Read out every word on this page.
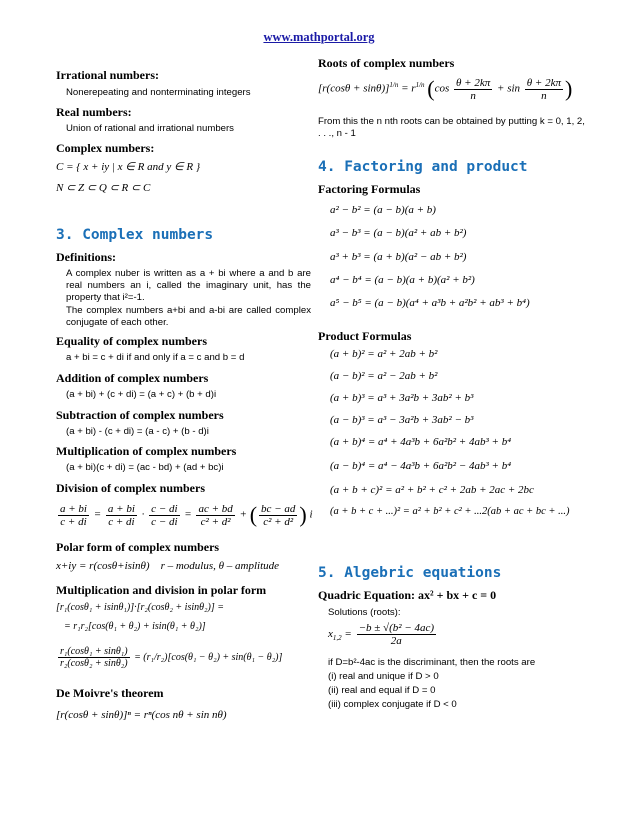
www.mathportal.org

Irrational numbers:

Nonerepeating and nonterminating integers

Real numbers:

Union of rational and irrational numbers

Complex numbers:

C = { x + iy | x ∈ R and y ∈ R }

N ⊂ Z ⊂ Q ⊂ R ⊂ C

3. Complex numbers

Definitions:

A complex nuber is written as a + bi where a and b are real numbers an i, called the imaginary unit, has the property that i²=-1.

The complex numbers a+bi and a-bi are called complex conjugate of each other.

Equality of complex numbers

a + bi = c + di if and only if a = c and b = d

Addition of complex numbers

(a + bi) + (c + di) = (a + c) + (b + d)i

Subtraction of complex numbers

(a + bi) - (c + di) = (a - c) + (b - d)i

Multiplication of complex numbers

(a + bi)(c + di) = (ac - bd) + (ad + bc)i

Division of complex numbers

$\frac{a + bi}{c + di} = \frac{a + bi}{c + di} \cdot \frac{c - di}{c - di} = \frac{ac + bd}{\text{c² + d²}}$ + ( $\frac{bc - ad}{\text{c² + d²}}$ ) i

Polar form of complex numbers

x+iy = r(cosθ+isinθ) r – modulus, θ – amplitude

Multiplication and division in polar form

[r₁(cosθ₁ + isinθ₁)]·[r₂(cosθ₂ + isinθ₂)] =

= r₁r₂[cos(θ₁ + θ₂) + isin(θ₁ + θ₂)]

$\frac{\text{r₁(cosθ₁ + sinθ₁)}}{\text{r₂(cosθ₂ + sinθ₂)}} = (r_1/r_2)[\cos(\theta_1 - \theta_2) + \sin(\theta_1 - \theta_2)]$

De Moivre's theorem

[r(cosθ + sinθ)]ⁿ = rⁿ(cos nθ + sin nθ)

Roots of complex numbers

$[r(\cos\theta + \sin\theta)]^{1/n} = r^{1/n}$ ($\cos \frac{\theta + 2k\pi}{n} + \sin \frac{\theta + 2k\pi}{n}$ )

From this the n nth roots can be obtained by putting k = 0, 1, 2, . . ., n - 1

4. Factoring and product

Factoring Formulas

a² − b² = (a − b)(a + b)

a³ − b³ = (a − b)(a² + ab + b²)

a³ + b³ = (a + b)(a² − ab + b²)

a⁴ − b⁴ = (a − b)(a + b)(a² + b²)

a⁵ − b⁵ = (a − b)(a⁴ + a³b + a²b² + ab³ + b⁴)

Product Formulas

(a + b)² = a² + 2ab + b²

(a − b)² = a² − 2ab + b²

(a + b)³ = a³ + 3a²b + 3ab² + b³

(a − b)³ = a³ − 3a²b + 3ab² − b³

(a + b)⁴ = a⁴ + 4a³b + 6a²b² + 4ab³ + b⁴

(a − b)⁴ = a⁴ − 4a³b + 6a²b² − 4ab³ + b⁴

(a + b + c)² = a² + b² + c² + 2ab + 2ac + 2bc

(a + b + c + ...)² = a² + b² + c² + ...2(ab + ac + bc + ...)

5. Algebric equations

Quadric Equation: ax² + bx + c = 0

Solutions (roots):

$x_{1,2} = \frac{\text{−b ± √(b² − 4ac)}}{2a}$

if D=b²-4ac is the discriminant, then the roots are

(i) real and unique if D > 0

(ii) real and equal if D = 0

(iii) complex conjugate if D < 0
